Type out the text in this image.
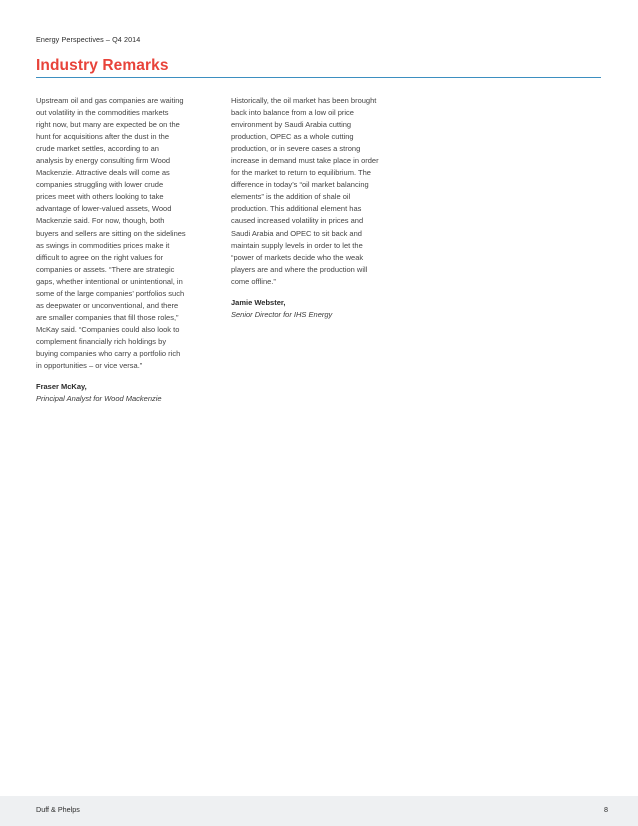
Energy Perspectives – Q4 2014
Industry Remarks

Upstream oil and gas companies are waiting
out volatility in the commodities markets
right now, but many are expected be on the
hunt for acquisitions after the dust in the
crude market settles, according to an
analysis by energy consulting firm Wood
Mackenzie. Attractive deals will come as
companies struggling with lower crude
prices meet with others looking to take
advantage of lower-valued assets, Wood
Mackenzie said. For now, though, both
buyers and sellers are sitting on the sidelines
as swings in commodities prices make it
difficult to agree on the right values for
companies or assets. “There are strategic
gaps, whether intentional or unintentional, in
some of the large companies’ portfolios such
as deepwater or unconventional, and there
are smaller companies that fill those roles,”
McKay said. “Companies could also look to
complement financially rich holdings by
buying companies who carry a portfolio rich
in opportunities – or vice versa.”

Fraser McKay,
Principal Analyst for Wood Mackenzie

Historically, the oil market has been brought
back into balance from a low oil price
environment by Saudi Arabia cutting
production, OPEC as a whole cutting
production, or in severe cases a strong
increase in demand must take place in order
for the market to return to equilibrium. The
difference in today’s “oil market balancing
elements” is the addition of shale oil
production. This additional element has
caused increased volatility in prices and
Saudi Arabia and OPEC to sit back and
maintain supply levels in order to let the
“power of markets decide who the weak
players are and where the production will
come offline.”

Jamie Webster,
Senior Director for IHS Energy
Duff & Phelps	8
